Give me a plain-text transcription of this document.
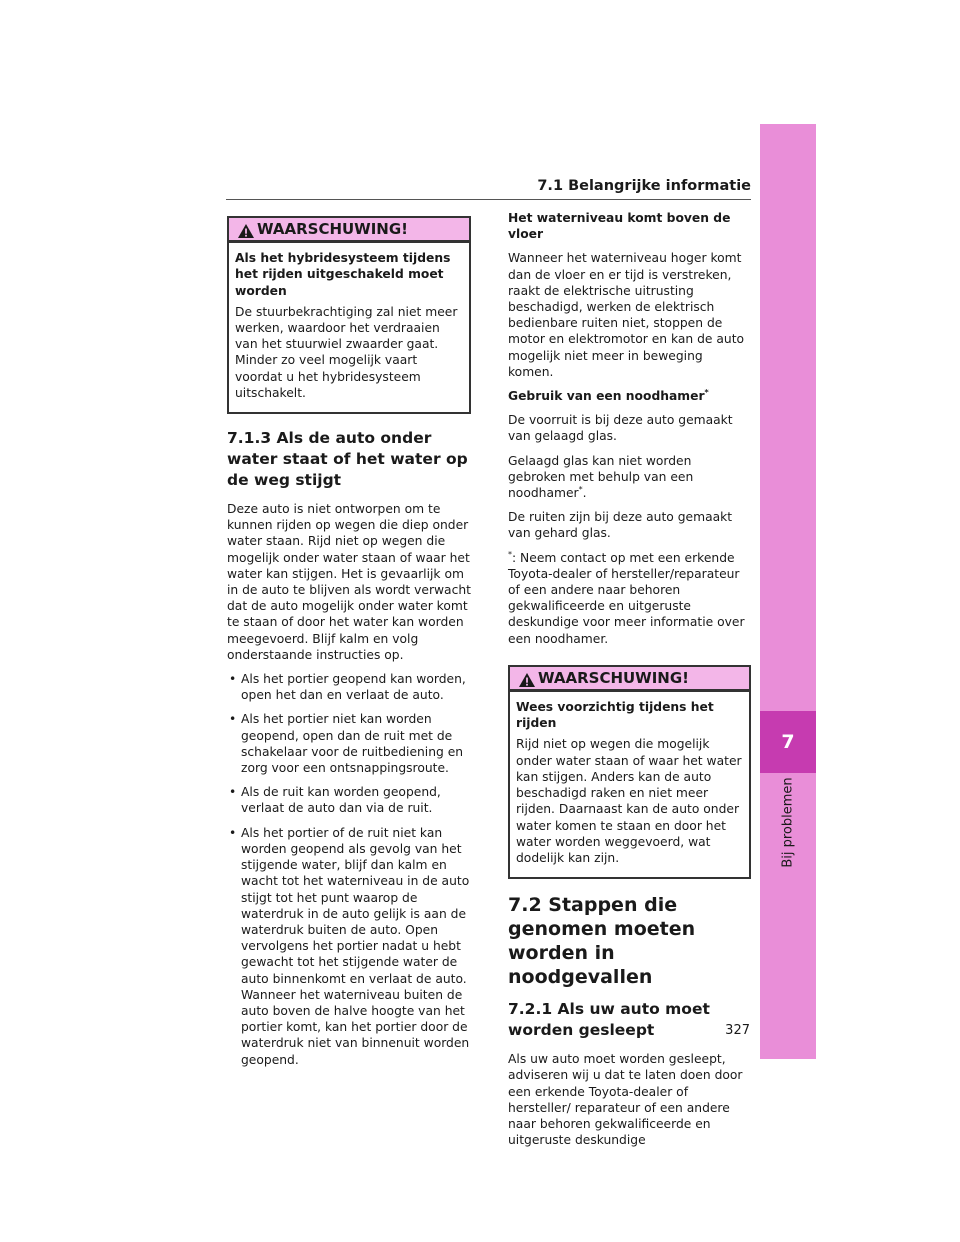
7.1 Belangrijke informatie
7
Bij problemen
WAARSCHUWING!

Als het hybridesysteem tijdens het rijden uitgeschakeld moet worden

De stuurbekrachtiging zal niet meer werken, waardoor het verdraaien van het stuurwiel zwaarder gaat. Minder zo veel mogelijk vaart voordat u het hybridesysteem uitschakelt.

7.1.3 Als de auto onder water staat of het water op de weg stijgt

Deze auto is niet ontworpen om te kunnen rijden op wegen die diep onder water staan. Rijd niet op wegen die mogelijk onder water staan of waar het water kan stijgen. Het is gevaarlijk om in de auto te blijven als wordt verwacht dat de auto mogelijk onder water komt te staan of door het water kan worden meegevoerd. Blijf kalm en volg onderstaande instructies op.

• Als het portier geopend kan worden, open het dan en verlaat de auto.
• Als het portier niet kan worden geopend, open dan de ruit met de schakelaar voor de ruitbediening en zorg voor een ontsnappingsroute.
• Als de ruit kan worden geopend, verlaat de auto dan via de ruit.
• Als het portier of de ruit niet kan worden geopend als gevolg van het stijgende water, blijf dan kalm en wacht tot het waterniveau in de auto stijgt tot het punt waarop de waterdruk in de auto gelijk is aan de waterdruk buiten de auto. Open vervolgens het portier nadat u hebt gewacht tot het stijgende water de auto binnenkomt en verlaat de auto. Wanneer het waterniveau buiten de auto boven de halve hoogte van het portier komt, kan het portier door de waterdruk niet van binnenuit worden geopend.

Het waterniveau komt boven de vloer

Wanneer het waterniveau hoger komt dan de vloer en er tijd is verstreken, raakt de elektrische uitrusting beschadigd, werken de elektrisch bedienbare ruiten niet, stoppen de motor en elektromotor en kan de auto mogelijk niet meer in beweging komen.

Gebruik van een noodhamer*

De voorruit is bij deze auto gemaakt van gelaagd glas.

Gelaagd glas kan niet worden gebroken met behulp van een noodhamer*.

De ruiten zijn bij deze auto gemaakt van gehard glas.

*: Neem contact op met een erkende Toyota-dealer of hersteller/reparateur of een andere naar behoren gekwalificeerde en uitgeruste deskundige voor meer informatie over een noodhamer.

WAARSCHUWING!

Wees voorzichtig tijdens het rijden

Rijd niet op wegen die mogelijk onder water staan of waar het water kan stijgen. Anders kan de auto beschadigd raken en niet meer rijden. Daarnaast kan de auto onder water komen te staan en door het water worden weggevoerd, wat dodelijk kan zijn.

7.2 Stappen die genomen moeten worden in noodgevallen
7.2.1 Als uw auto moet worden gesleept

Als uw auto moet worden gesleept, adviseren wij u dat te laten doen door een erkende Toyota-dealer of hersteller/ reparateur of een andere naar behoren gekwalificeerde en uitgeruste deskundige

327
